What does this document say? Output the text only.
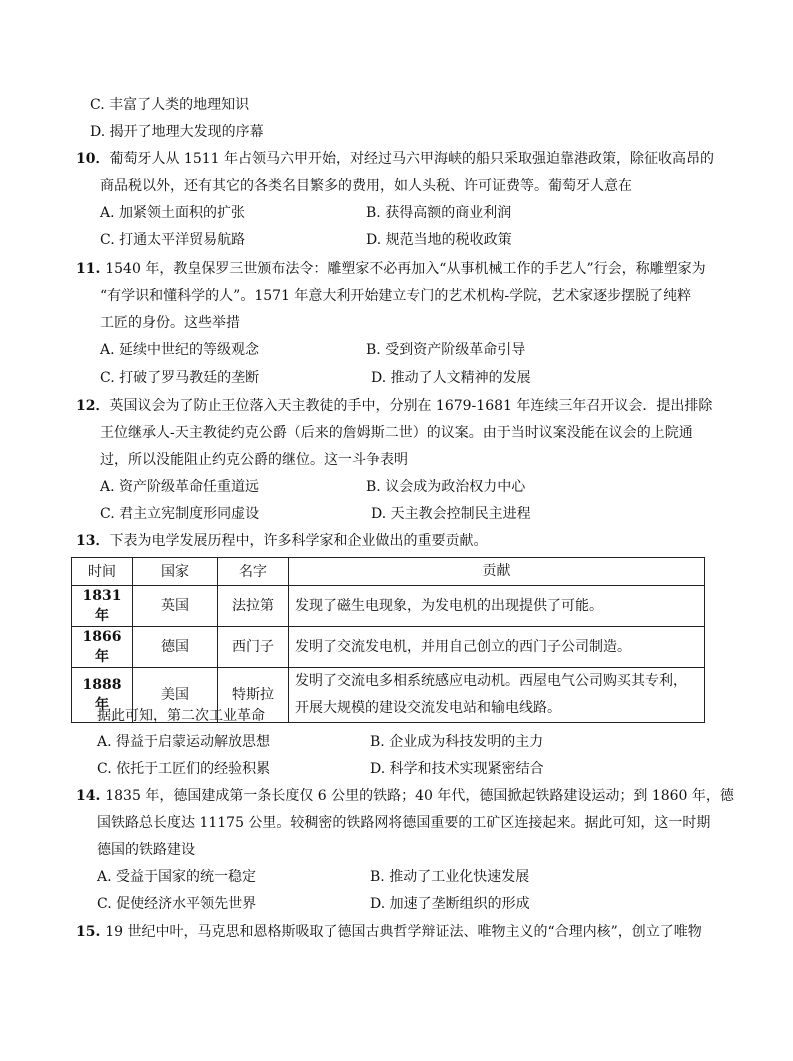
C. 丰富了人类的地理知识
D. 揭开了地理大发现的序幕
10．葡萄牙人从 1511 年占领马六甲开始，对经过马六甲海峡的船只采取强迫靠港政策，除征收高昂的
商品税以外，还有其它的各类名目繁多的费用，如人头税、许可证费等。葡萄牙人意在
A. 加紧领土面积的扩张	B. 获得高额的商业利润
C. 打通太平洋贸易航路	D. 规范当地的税收政策
11. 1540 年，教皇保罗三世颁布法令：雕塑家不必再加入“从事机械工作的手艺人”行会，称雕塑家为
“有学识和懂科学的人”。1571 年意大利开始建立专门的艺术机构-学院，艺术家逐步摆脱了纯粹
工匠的身份。这些举措
A. 延续中世纪的等级观念	B. 受到资产阶级革命引导
C. 打破了罗马教廷的垄断	D. 推动了人文精神的发展
12．英国议会为了防止王位落入天主教徒的手中，分别在 1679-1681 年连续三年召开议会．提出排除
王位继承人-天主教徒约克公爵（后来的詹姆斯二世）的议案。由于当时议案没能在议会的上院通
过，所以没能阻止约克公爵的继位。这一斗争表明
A. 资产阶级革命任重道远	B. 议会成为政治权力中心
C. 君主立宪制度形同虚设	D. 天主教会控制民主进程
13．下表为电学发展历程中，许多科学家和企业做出的重要贡献。
时间	国家	名字	贡献
1831 年	英国	法拉第	发现了磁生电现象，为发电机的出现提供了可能。
1866 年	德国	西门子	发明了交流发电机，并用自己创立的西门子公司制造。
1888 年	美国	特斯拉	发明了交流电多相系统感应电动机。西屋电气公司购买其专利，开展大规模的建设交流发电站和输电线路。
据此可知，第二次工业革命
A. 得益于启蒙运动解放思想	B. 企业成为科技发明的主力
C. 依托于工匠们的经验积累	D. 科学和技术实现紧密结合
14. 1835 年，德国建成第一条长度仅 6 公里的铁路；40 年代，德国掀起铁路建设运动；到 1860 年，德
国铁路总长度达 11175 公里。较稠密的铁路网将德国重要的工矿区连接起来。据此可知，这一时期
德国的铁路建设
A. 受益于国家的统一稳定	B. 推动了工业化快速发展
C. 促使经济水平领先世界	D. 加速了垄断组织的形成
15. 19 世纪中叶，马克思和恩格斯吸取了德国古典哲学辩证法、唯物主义的“合理内核”，创立了唯物
